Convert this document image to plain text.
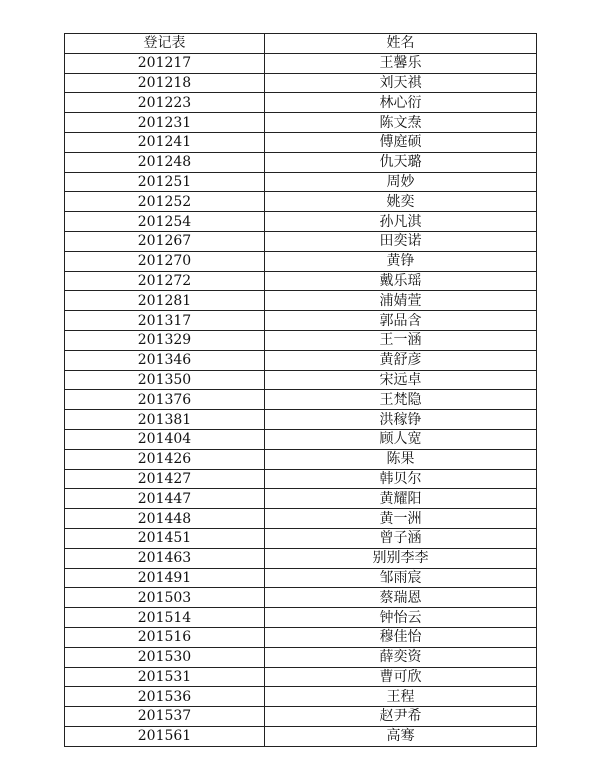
登记表	姓名
201217	王馨乐
201218	刘天祺
201223	林心衍
201231	陈文焘
201241	傅庭硕
201248	仇天璐
201251	周妙
201252	姚奕
201254	孙凡淇
201267	田奕诺
201270	黄铮
201272	戴乐瑶
201281	浦婧萱
201317	郭品含
201329	王一涵
201346	黄舒彦
201350	宋远卓
201376	王梵隐
201381	洪稼铮
201404	顾人宽
201426	陈果
201427	韩贝尔
201447	黄耀阳
201448	黄一洲
201451	曾子涵
201463	别别李李
201491	邹雨宸
201503	蔡瑞恩
201514	钟怡云
201516	穆佳怡
201530	薛奕资
201531	曹可欣
201536	王程
201537	赵尹希
201561	高骞
